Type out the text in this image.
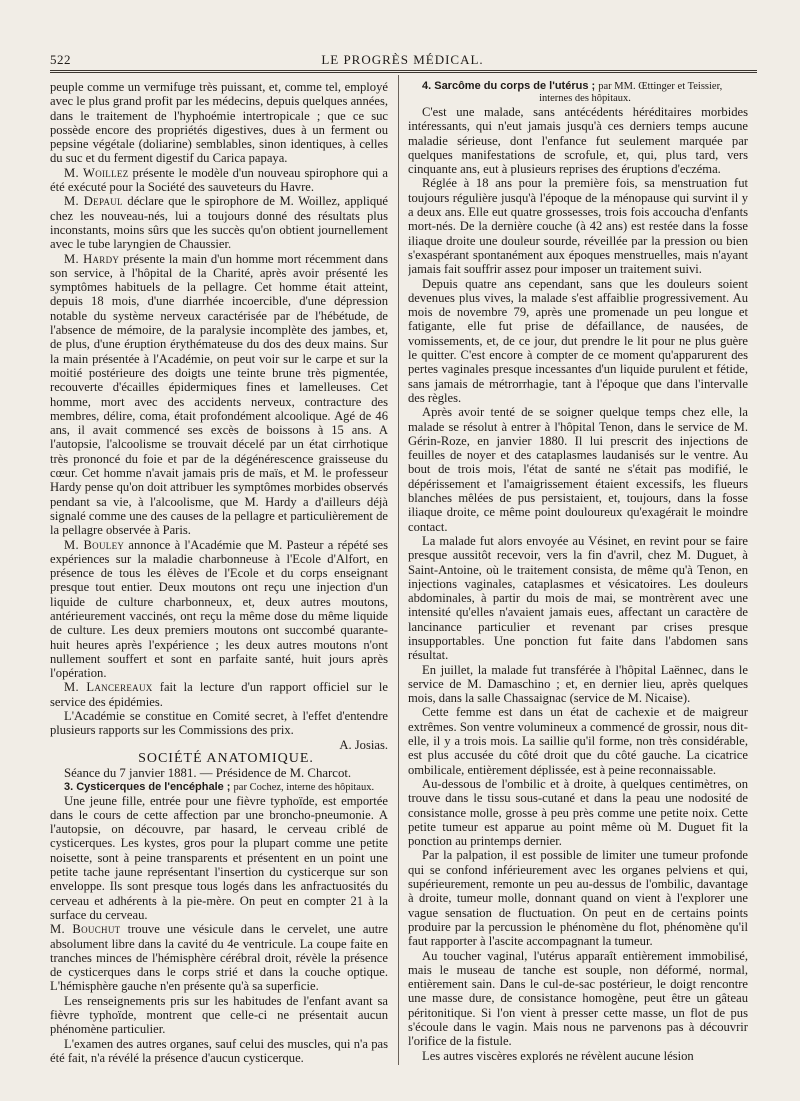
522	LE PROGRÈS MÉDICAL.

peuple comme un vermifuge très puissant, et, comme tel, employé avec le plus grand profit par les médecins, depuis quelques années, dans le traitement de l'hyphoémie intertropicale ; que ce suc possède encore des propriétés digestives, dues à un ferment ou pepsine végétale (doliarine) semblables, sinon identiques, à celles du suc et du ferment digestif du Carica papaya.

M. Woillez présente le modèle d'un nouveau spirophore qui a été exécuté pour la Société des sauveteurs du Havre.

M. Depaul déclare que le spirophore de M. Woillez, appliqué chez les nouveau-nés, lui a toujours donné des résultats plus inconstants, moins sûrs que les succès qu'on obtient journellement avec le tube laryngien de Chaussier.

M. Hardy présente la main d'un homme mort récemment dans son service, à l'hôpital de la Charité, après avoir présenté les symptômes habituels de la pellagre. Cet homme était atteint, depuis 18 mois, d'une diarrhée incoercible, d'une dépression notable du système nerveux caractérisée par de l'hébétude, de l'absence de mémoire, de la paralysie incomplète des jambes, et, de plus, d'une éruption érythémateuse du dos des deux mains. Sur la main présentée à l'Académie, on peut voir sur le carpe et sur la moitié postérieure des doigts une teinte brune très pigmentée, recouverte d'écailles épidermiques fines et lamelleuses. Cet homme, mort avec des accidents nerveux, contracture des membres, délire, coma, était profondément alcoolique. Agé de 46 ans, il avait commencé ses excès de boissons à 15 ans. A l'autopsie, l'alcoolisme se trouvait décelé par un état cirrhotique très prononcé du foie et par de la dégénérescence graisseuse du cœur. Cet homme n'avait jamais pris de maïs, et M. le professeur Hardy pense qu'on doit attribuer les symptômes morbides observés pendant sa vie, à l'alcoolisme, que M. Hardy a d'ailleurs déjà signalé comme une des causes de la pellagre et particulièrement de la pellagre observée à Paris.

M. Bouley annonce à l'Académie que M. Pasteur a répété ses expériences sur la maladie charbonneuse à l'Ecole d'Alfort, en présence de tous les élèves de l'Ecole et du corps enseignant presque tout entier. Deux moutons ont reçu une injection d'un liquide de culture charbonneux, et, deux autres moutons, antérieurement vaccinés, ont reçu la même dose du même liquide de culture. Les deux premiers moutons ont succombé quarante-huit heures après l'expérience ; les deux autres moutons n'ont nullement souffert et sont en parfaite santé, huit jours après l'opération.

M. Lancereaux fait la lecture d'un rapport officiel sur le service des épidémies.

L'Académie se constitue en Comité secret, à l'effet d'entendre plusieurs rapports sur les Commissions des prix.

A. Josias.

SOCIÉTÉ ANATOMIQUE.

Séance du 7 janvier 1881. — Présidence de M. Charcot.

3. Cysticerques de l'encéphale ; par Cochez, interne des hôpitaux.

Une jeune fille, entrée pour une fièvre typhoïde, est emportée dans le cours de cette affection par une broncho-pneumonie. A l'autopsie, on découvre, par hasard, le cerveau criblé de cysticerques. Les kystes, gros pour la plupart comme une petite noisette, sont à peine transparents et présentent en un point une petite tache jaune représentant l'insertion du cysticerque sur son enveloppe. Ils sont presque tous logés dans les anfractuosités du cerveau et adhérents à la pie-mère. On peut en compter 21 à la surface du cerveau.

M. Bouchut trouve une vésicule dans le cervelet, une autre absolument libre dans la cavité du 4e ventricule. La coupe faite en tranches minces de l'hémisphère cérébral droit, révèle la présence de cysticerques dans le corps strié et dans la couche optique. L'hémisphère gauche n'en présente qu'à sa superficie.

Les renseignements pris sur les habitudes de l'enfant avant sa fièvre typhoïde, montrent que celle-ci ne présentait aucun phénomène particulier.

L'examen des autres organes, sauf celui des muscles, qui n'a pas été fait, n'a révélé la présence d'aucun cysticerque.

4. Sarcôme du corps de l'utérus ; par MM. Œttinger et Teissier,

internes des hôpitaux.

C'est une malade, sans antécédents héréditaires morbides intéressants, qui n'eut jamais jusqu'à ces derniers temps aucune maladie sérieuse, dont l'enfance fut seulement marquée par quelques manifestations de scrofule, et, qui, plus tard, vers cinquante ans, eut à plusieurs reprises des éruptions d'eczéma.

Réglée à 18 ans pour la première fois, sa menstruation fut toujours régulière jusqu'à l'époque de la ménopause qui survint il y a deux ans. Elle eut quatre grossesses, trois fois accoucha d'enfants mort-nés. De la dernière couche (à 42 ans) est restée dans la fosse iliaque droite une douleur sourde, réveillée par la pression ou bien s'exaspérant spontanément aux époques menstruelles, mais n'ayant jamais fait souffrir assez pour imposer un traitement suivi.

Depuis quatre ans cependant, sans que les douleurs soient devenues plus vives, la malade s'est affaiblie progressivement. Au mois de novembre 79, après une promenade un peu longue et fatigante, elle fut prise de défaillance, de nausées, de vomissements, et, de ce jour, dut prendre le lit pour ne plus guère le quitter. C'est encore à compter de ce moment qu'apparurent des pertes vaginales presque incessantes d'un liquide purulent et fétide, sans jamais de métrorrhagie, tant à l'époque que dans l'intervalle des règles.

Après avoir tenté de se soigner quelque temps chez elle, la malade se résolut à entrer à l'hôpital Tenon, dans le service de M. Gérin-Roze, en janvier 1880. Il lui prescrit des injections de feuilles de noyer et des cataplasmes laudanisés sur le ventre. Au bout de trois mois, l'état de santé ne s'était pas modifié, le dépérissement et l'amaigrissement étaient excessifs, les flueurs blanches mêlées de pus persistaient, et, toujours, dans la fosse iliaque droite, ce même point douloureux qu'exagérait le moindre contact.

La malade fut alors envoyée au Vésinet, en revint pour se faire presque aussitôt recevoir, vers la fin d'avril, chez M. Duguet, à Saint-Antoine, où le traitement consista, de même qu'à Tenon, en injections vaginales, cataplasmes et vésicatoires. Les douleurs abdominales, à partir du mois de mai, se montrèrent avec une intensité qu'elles n'avaient jamais eues, affectant un caractère de lancinance particulier et revenant par crises presque insupportables. Une ponction fut faite dans l'abdomen sans résultat.

En juillet, la malade fut transférée à l'hôpital Laënnec, dans le service de M. Damaschino ; et, en dernier lieu, après quelques mois, dans la salle Chassaignac (service de M. Nicaise).

Cette femme est dans un état de cachexie et de maigreur extrêmes. Son ventre volumineux a commencé de grossir, nous dit-elle, il y a trois mois. La saillie qu'il forme, non très considérable, est plus accusée du côté droit que du côté gauche. La cicatrice ombilicale, entièrement déplissée, est à peine reconnaissable.

Au-dessous de l'ombilic et à droite, à quelques centimètres, on trouve dans le tissu sous-cutané et dans la peau une nodosité de consistance molle, grosse à peu près comme une petite noix. Cette petite tumeur est apparue au point même où M. Duguet fit la ponction au printemps dernier.

Par la palpation, il est possible de limiter une tumeur profonde qui se confond inférieurement avec les organes pelviens et qui, supérieurement, remonte un peu au-dessus de l'ombilic, davantage à droite, tumeur molle, donnant quand on vient à l'explorer une vague sensation de fluctuation. On peut en de certains points produire par la percussion le phénomène du flot, phénomène qu'il faut rapporter à l'ascite accompagnant la tumeur.

Au toucher vaginal, l'utérus apparaît entièrement immobilisé, mais le museau de tanche est souple, non déformé, normal, entièrement sain. Dans le cul-de-sac postérieur, le doigt rencontre une masse dure, de consistance homogène, peut être un gâteau péritonitique. Si l'on vient à presser cette masse, un flot de pus s'écoule dans le vagin. Mais nous ne parvenons pas à découvrir l'orifice de la fistule.

Les autres viscères explorés ne révèlent aucune lésion
